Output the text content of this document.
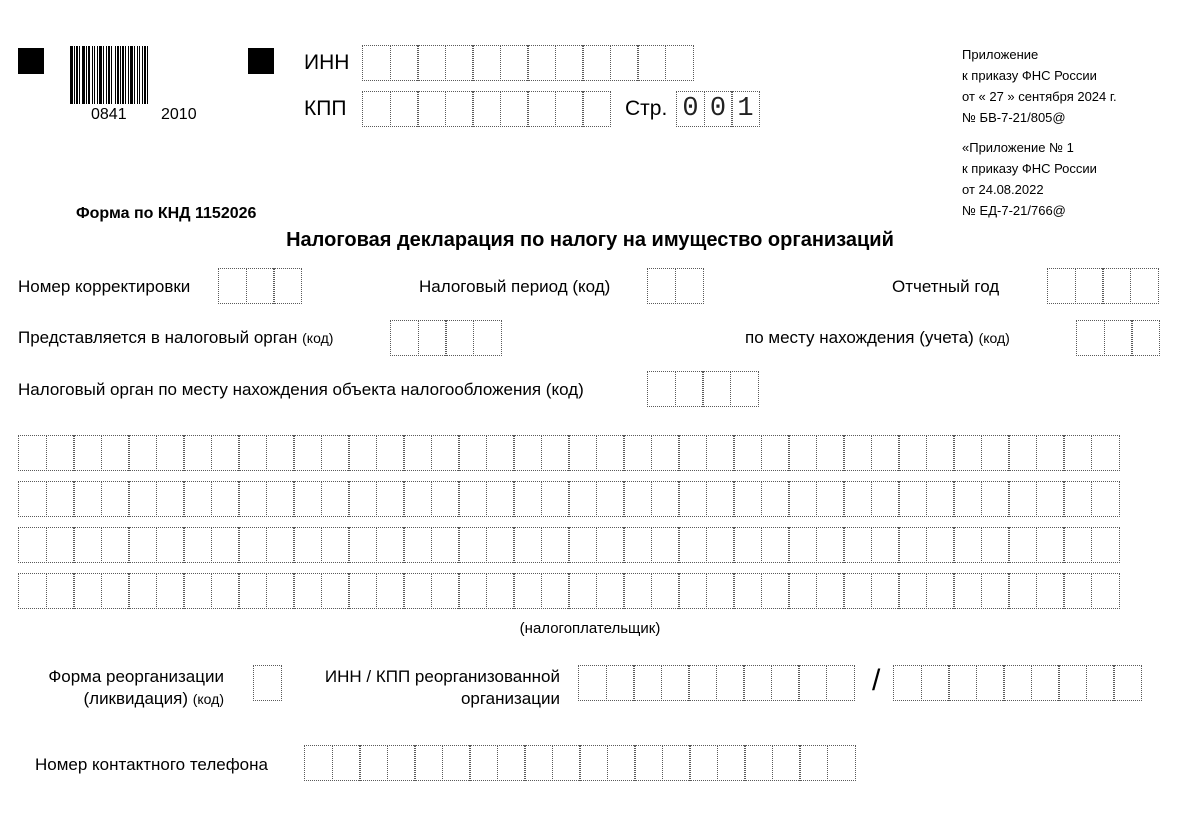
0841 2010
ИНН
КПП	Стр. 0 0 1
Приложение
к приказу ФНС России
от « 27 » сентября 2024 г.
№ БВ-7-21/805@
«Приложение № 1
к приказу ФНС России
от 24.08.2022
№ ЕД-7-21/766@
Форма по КНД 1152026
Налоговая декларация по налогу на имущество организаций
Номер корректировки	Налоговый период (код)	Отчетный год
Представляется в налоговый орган (код)	по месту нахождения (учета) (код)
Налоговый орган по месту нахождения объекта налогообложения (код)
(налогоплательщик)
Форма реорганизации
(ликвидация) (код)
ИНН / КПП реорганизованной
организации
/
Номер контактного телефона
